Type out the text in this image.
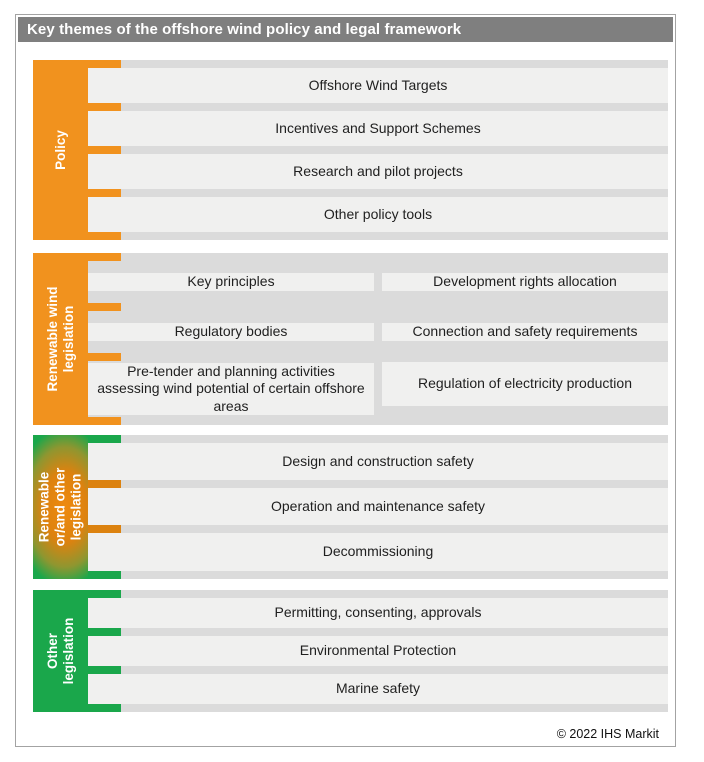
Key themes of the offshore wind policy and legal framework
Policy
Offshore Wind Targets
Incentives and Support Schemes
Research and pilot projects
Other policy tools
Renewable wind legislation
Key principles	Development rights allocation
Regulatory bodies	Connection and safety requirements
Pre-tender and planning activities assessing wind potential of certain offshore areas
Regulation of electricity production
Renewable or/and other legislation
Design and construction safety
Operation and maintenance safety
Decommissioning
Other legislation
Permitting, consenting, approvals
Environmental Protection
Marine safety
© 2022 IHS Markit
